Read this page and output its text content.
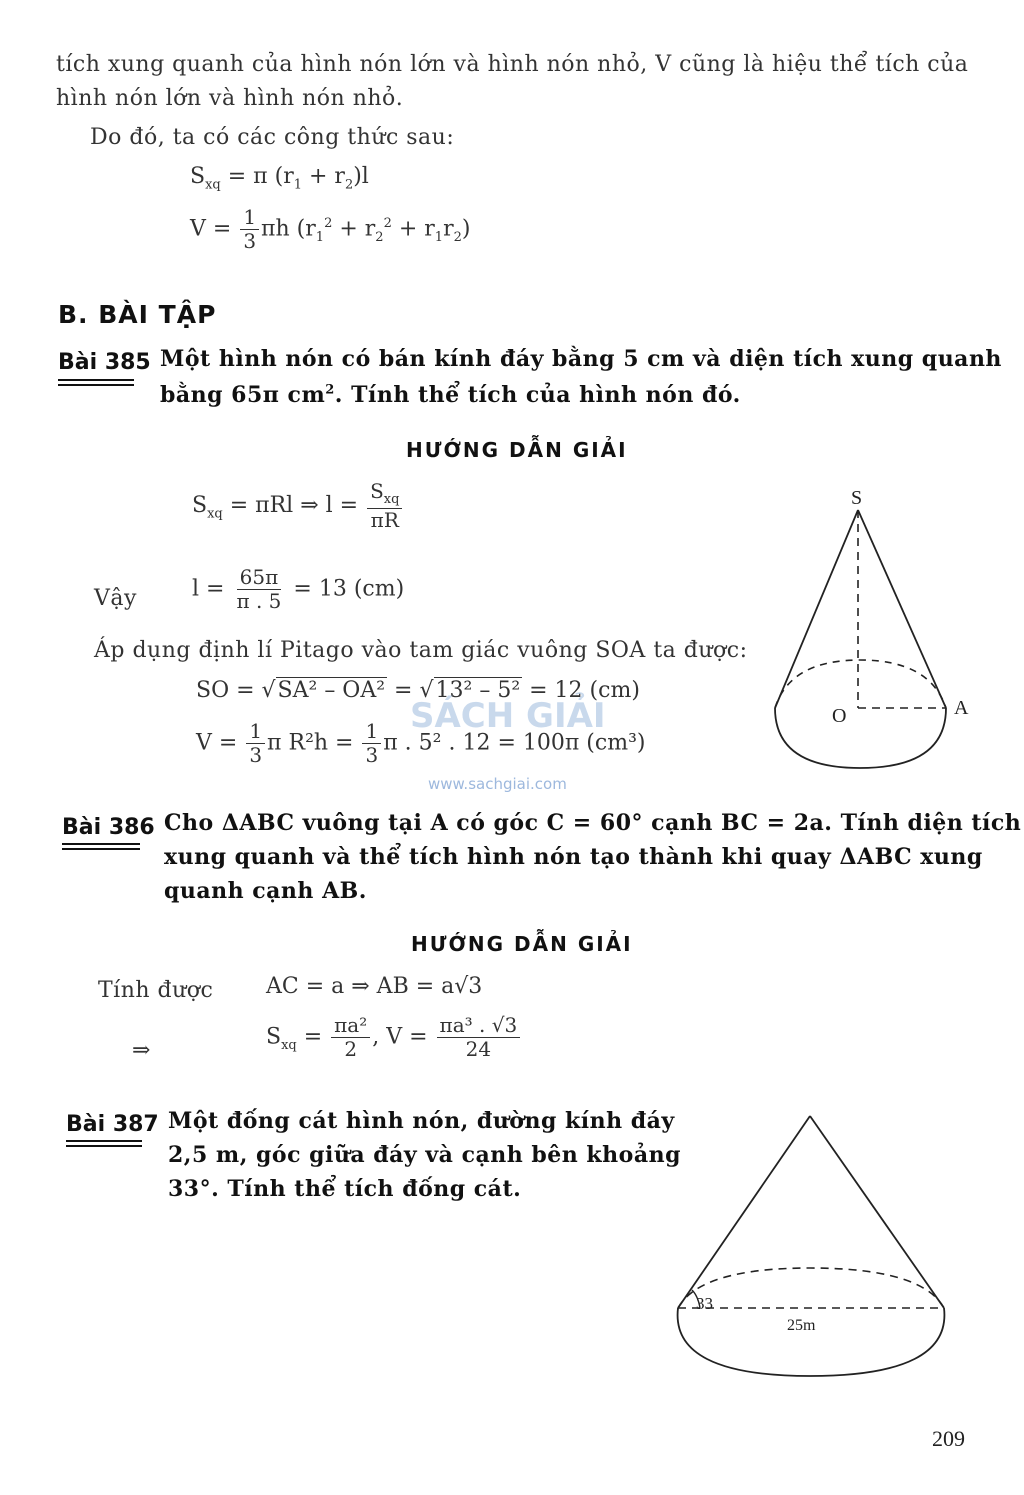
tích xung quanh của hình nón lớn và hình nón nhỏ, V cũng là hiệu thể tích của
hình nón lớn và hình nón nhỏ.
Do đó, ta có các công thức sau:
$S_{xq} = \pi$ $(r_1 + r_2)l$
$V = \frac{1}{3}$ πh $(r_1^2 + r_2^2 + r_1r_2)$
B. BÀI TẬP
Bài 385 Một hình nón có bán kính đáy bằng 5 cm và diện tích xung quanh
bằng 65π $cm^2$. Tính thể tích của hình nón đó.
HƯỚNG DẪN GIẢI
$S_{xq} = \pi Rl$ ⇒ $l = \frac{S_{xq}}{\pi R}$
Vậy	$l = \frac{65\pi}{\pi . 5} = 13$ (cm)
Áp dụng định lí Pitago vào tam giác vuông SOA ta được:
SO = √SA² – OA² = √13² – 5² = 12 (cm)
$V = \frac{1}{3}$ π $R^2h = \frac{1}{3}$ π . 5² . 12 = 100π (cm³)
SÁCH GIẢI
www.sachgiai.com
S
O	A
Bài 386 Cho ΔABC vuông tại A có góc C = 60° cạnh BC = 2a. Tính diện tích
xung quanh và thể tích hình nón tạo thành khi quay ΔABC xung
quanh cạnh AB.
HƯỚNG DẪN GIẢI
Tính được AC = a ⇒ AB = a√3
⇒
$S_{xq} = \frac{\text{πa²}}{2}$ , $V = \frac{\text{πa³ . √3}}{24}$
Bài 387 Một đống cát hình nón, đường kính đáy
2,5 m, góc giữa đáy và cạnh bên khoảng
33°. Tính thể tích đống cát.
33
25m
209
